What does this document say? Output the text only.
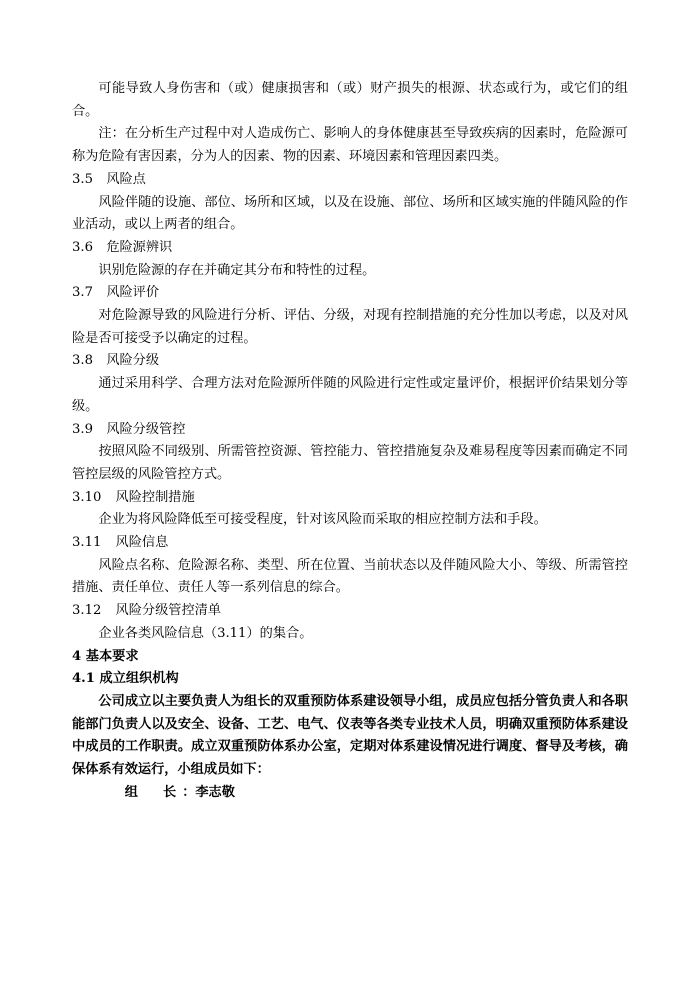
可能导致人身伤害和（或）健康损害和（或）财产损失的根源、状态或行为，或它们的组合。

注：在分析生产过程中对人造成伤亡、影响人的身体健康甚至导致疾病的因素时，危险源可称为危险有害因素，分为人的因素、物的因素、环境因素和管理因素四类。

3.5 风险点

风险伴随的设施、部位、场所和区域，以及在设施、部位、场所和区域实施的伴随风险的作业活动，或以上两者的组合。

3.6 危险源辨识

识别危险源的存在并确定其分布和特性的过程。

3.7 风险评价

对危险源导致的风险进行分析、评估、分级，对现有控制措施的充分性加以考虑，以及对风险是否可接受予以确定的过程。

3.8 风险分级

通过采用科学、合理方法对危险源所伴随的风险进行定性或定量评价，根据评价结果划分等级。

3.9 风险分级管控

按照风险不同级别、所需管控资源、管控能力、管控措施复杂及难易程度等因素而确定不同管控层级的风险管控方式。

3.10 风险控制措施

企业为将风险降低至可接受程度，针对该风险而采取的相应控制方法和手段。

3.11 风险信息

风险点名称、危险源名称、类型、所在位置、当前状态以及伴随风险大小、等级、所需管控措施、责任单位、责任人等一系列信息的综合。

3.12 风险分级管控清单

企业各类风险信息（3.11）的集合。

4 基本要求

4.1 成立组织机构

公司成立以主要负责人为组长的双重预防体系建设领导小组，成员应包括分管负责人和各职能部门负责人以及安全、设备、工艺、电气、仪表等各类专业技术人员，明确双重预防体系建设中成员的工作职责。成立双重预防体系办公室，定期对体系建设情况进行调度、督导及考核，确保体系有效运行，小组成员如下：

组　长：李志敬
